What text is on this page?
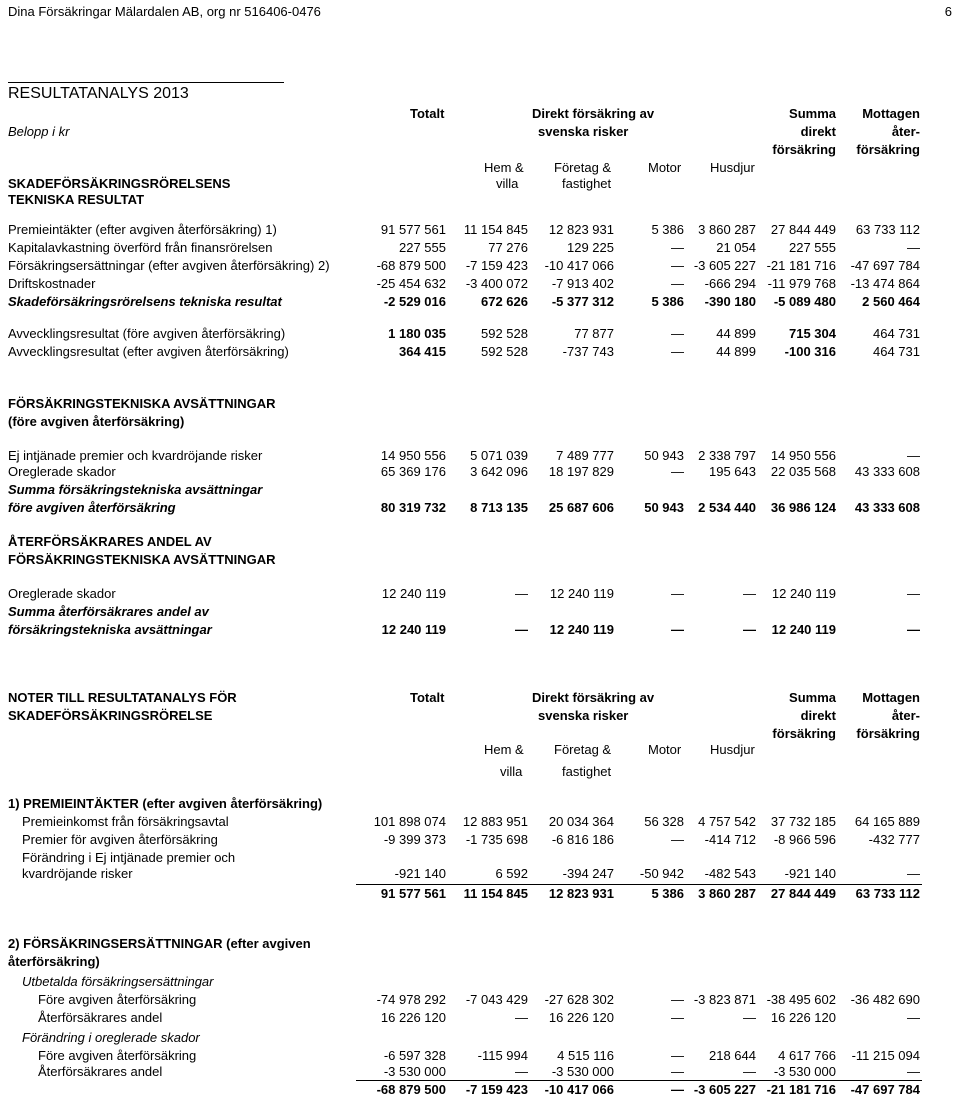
Dina Försäkringar Mälardalen AB, org nr 516406-0476	6
RESULTATANALYS 2013
Totalt	Direkt försäkring av
svenska risker
Summa
direkt
försäkring
Mottagen
åter-
försäkring
Belopp i kr
Hem &
villa
Företag &
fastighet
Motor Husdjur
SKADEFÖRSÄKRINGSRÖRELSENS
TEKNISKA RESULTAT
Premieintäkter (efter avgiven återförsäkring) 1)	91 577 561	11 154 845	12 823 931	5 386	3 860 287	27 844 449	63 733 112
Kapitalavkastning överförd från finansrörelsen	227 555	77 276	129 225	—	21 054	227 555	—
Försäkringsersättningar (efter avgiven återförsäkring) 2)	-68 879 500	-7 159 423	-10 417 066	— -3 605 227 -21 181 716	-47 697 784
Driftskostnader	-25 454 632	-3 400 072	-7 913 402	—	-666 294 -11 979 768	-13 474 864
Skadeförsäkringsrörelsens tekniska resultat	-2 529 016	672 626	-5 377 312	5 386	-390 180	-5 089 480	2 560 464
Avvecklingsresultat (före avgiven återförsäkring)	1 180 035	592 528	77 877	—	44 899	715 304	464 731
Avvecklingsresultat (efter avgiven återförsäkring)	364 415	592 528	-737 743	—	44 899	-100 316	464 731
FÖRSÄKRINGSTEKNISKA AVSÄTTNINGAR
(före avgiven återförsäkring)
Ej intjänade premier och kvardröjande risker	14 950 556	5 071 039	7 489 777	50 943	2 338 797	14 950 556	—
Oreglerade skador	65 369 176	3 642 096	18 197 829	—	195 643	22 035 568	43 333 608
Summa försäkringstekniska avsättningar
före avgiven återförsäkring	80 319 732	8 713 135	25 687 606	50 943	2 534 440	36 986 124	43 333 608
ÅTERFÖRSÄKRARES ANDEL AV
FÖRSÄKRINGSTEKNISKA AVSÄTTNINGAR
Oreglerade skador	12 240 119	—	12 240 119	—	—	12 240 119	—
Summa återförsäkrares andel av
försäkringstekniska avsättningar	12 240 119	—	12 240 119	—	—	12 240 119	—
1) PREMIEINTÄKTER (efter avgiven återförsäkring)
Premieinkomst från försäkringsavtal	101 898 074	12 883 951	20 034 364	56 328	4 757 542	37 732 185	64 165 889
Premier för avgiven återförsäkring	-9 399 373	-1 735 698	-6 816 186	—	-414 712	-8 966 596	-432 777
Förändring i Ej intjänade premier och
kvardröjande risker	-921 140	6 592	-394 247	-50 942	-482 543	-921 140	—
91 577 561	11 154 845	12 823 931	5 386	3 860 287	27 844 449	63 733 112
2) FÖRSÄKRINGSERSÄTTNINGAR (efter avgiven
återförsäkring)
Utbetalda försäkringsersättningar
Före avgiven återförsäkring	-74 978 292	-7 043 429	-27 628 302	— -3 823 871 -38 495 602	-36 482 690
Återförsäkrares andel	16 226 120	—	16 226 120	—	—	16 226 120	—
Förändring i oreglerade skador
Före avgiven återförsäkring	-6 597 328	-115 994	4 515 116	—	218 644	4 617 766	-11 215 094
Återförsäkrares andel	-3 530 000	—	-3 530 000	—	—	-3 530 000	—
-68 879 500	-7 159 423	-10 417 066	— -3 605 227 -21 181 716	-47 697 784
NOTER TILL RESULTATANALYS FÖR
SKADEFÖRSÄKRINGSRÖRELSE
Totalt	Direkt försäkring av
svenska risker
Summa
direkt
försäkring
Mottagen
åter-
försäkring
Hem &
villa
Företag &
fastighet
Motor Husdjur
